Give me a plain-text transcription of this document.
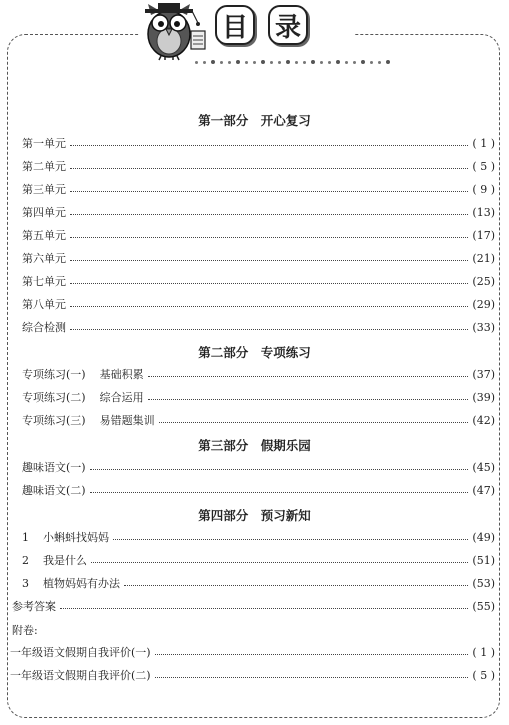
目 录
第一部分　开心复习
第一单元	( 1 )
第二单元	( 5 )
第三单元	( 9 )
第四单元	(13)
第五单元	(17)
第六单元	(21)
第七单元	(25)
第八单元	(29)
综合检测	(33)
第二部分　专项练习
专项练习(一) 基础积累	(37)
专项练习(二) 综合运用	(39)
专项练习(三) 易错题集训	(42)
第三部分　假期乐园
趣味语文(一)	(45)
趣味语文(二)	(47)
第四部分　预习新知
1 小蝌蚪找妈妈	(49)
2 我是什么	(51)
3 植物妈妈有办法	(53)
参考答案	(55)
附卷:
一年级语文假期自我评价(一)	( 1 )
一年级语文假期自我评价(二)	( 5 )
